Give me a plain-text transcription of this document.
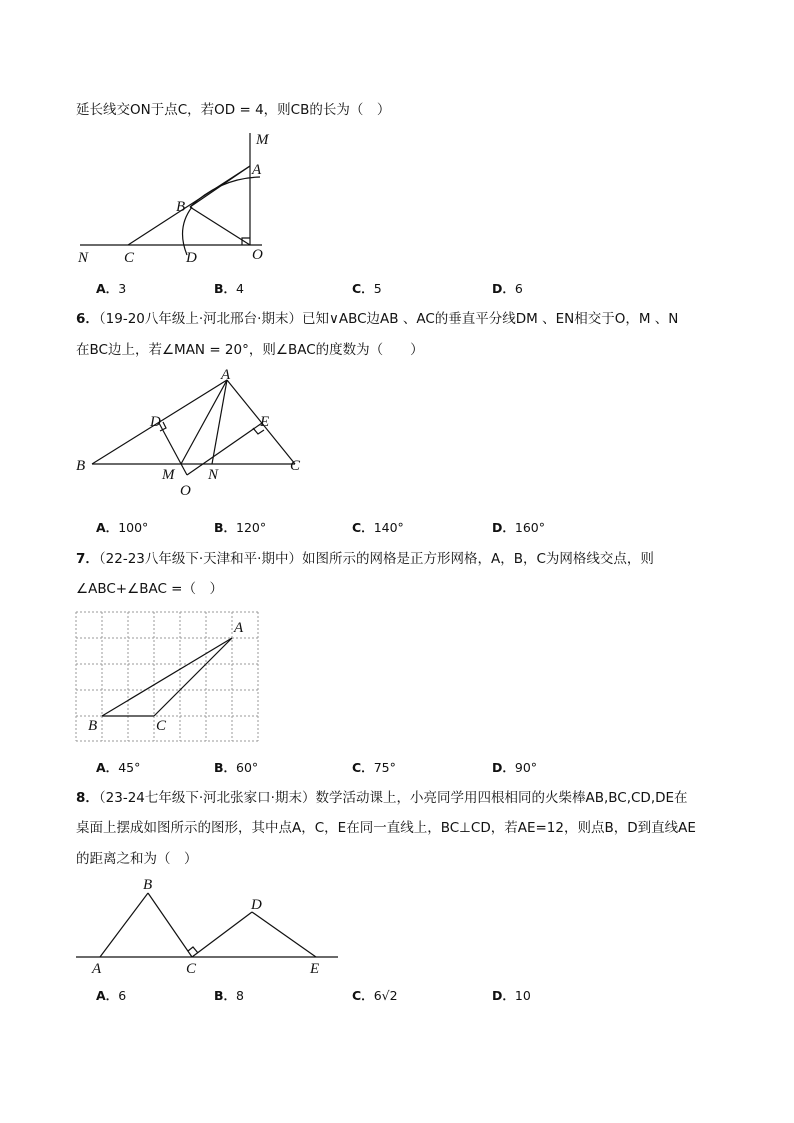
延长线交ON于点C，若OD = 4，则CB的长为（　）
M
A
B
N C	D	O
A．3	B．4	C．5	D．6
6．（19-20八年级上·河北邢台·期末）已知∨ABC边AB 、AC的垂直平分线DM 、EN相交于O，M 、N
在BC边上，若∠MAN = 20°，则∠BAC的度数为（　　）
A
D	E
B
M N
C
O
A．100°	B．120°	C．140°	D．160°
7．（22-23八年级下·天津和平·期中）如图所示的网格是正方形网格，A，B，C为网格线交点，则
∠ABC+∠BAC =（　）
A
B	C
A．45°	B．60°	C．75°	D．90°
8．（23-24七年级下·河北张家口·期末）数学活动课上，小亮同学用四根相同的火柴棒AB,BC,CD,DE在
桌面上摆成如图所示的图形，其中点A，C，E在同一直线上，BC⊥CD，若AE=12，则点B，D到直线AE
的距离之和为（　）
B
D
A	C	E
A．6	B．8	C．6√2	D．10
